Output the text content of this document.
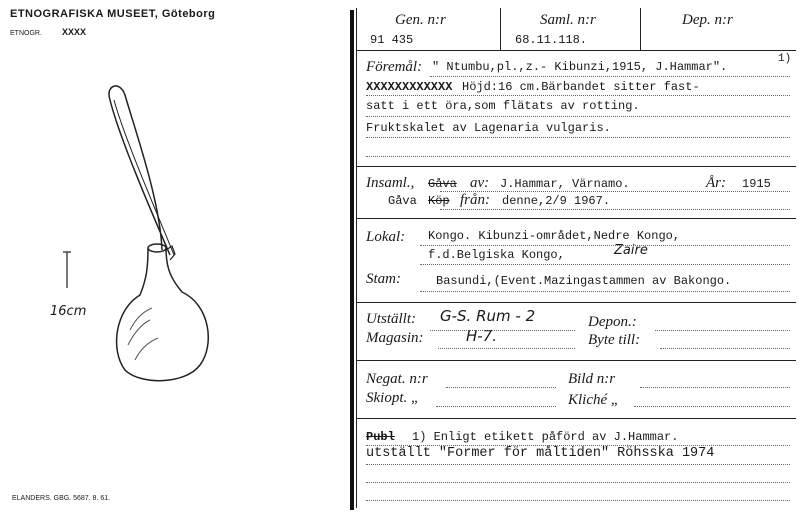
ETNOGRAFISKA MUSEET, Göteborg
ETNOGR. XXXX
16cm
ELANDERS. GBG. 5687. 8. 61.
Gen. n:r
91 435
Saml. n:r
68.11.118.
Dep. n:r
Föremål: " Ntumbu,pl.,z.- Kibunzi,1915, J.Hammar".
1)
XXXXXXXXXXXX Höjd:16 cm.Bärbandet sitter fast-
satt i ett öra,som flätats av rotting.
Fruktskalet av Lagenaria vulgaris.
Insaml., Gåva av: J.Hammar, Värnamo.	År: 1915
Gåva Köp från: denne,2/9 1967.
Lokal: Kongo. Kibunzi-området,Nedre Kongo,
f.d.Belgiska Kongo,	Zaire
Stam:	Basundi,(Event.Mazingastammen av Bakongo.
Utställt: G-S. Rum - 2	Depon.:
Magasin:	H-7.	Byte till:
Negat. n:r	Bild n:r
Skiopt. „	Kliché „
Publ 1) Enligt etikett påförd av J.Hammar.
utställt "Former för måltiden" Röhsska 1974
